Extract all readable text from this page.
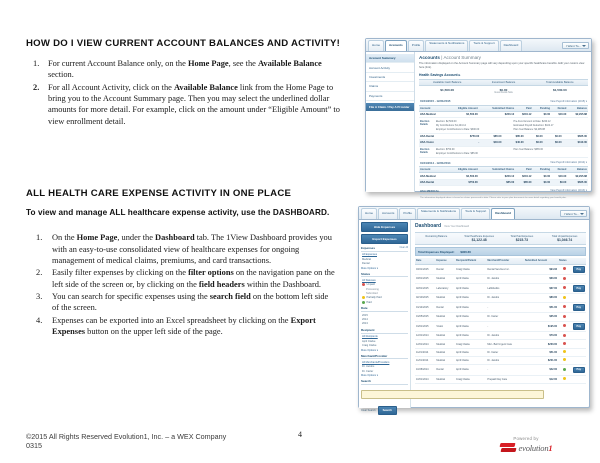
HOW DO I VIEW CURRENT ACCOUNT BALANCES AND ACTIVITY!
For current Account Balance only, on the Home Page, see the Available Balance section.
For all Account Activity, click on the Available Balance link from the Home Page to bring you to the Account Summary page. Then you may select the underlined dollar amounts for more detail. For example, click on the amount under “Eligible Amount” to view enrollment detail.
ALL HEALTH CARE EXPENSE ACTIVITY IN ONE PLACE
To view and manage ALL healthcare expense activity, use the DASHBOARD.
On the Home Page, under the Dashboard tab. The 1View Dashboard provides you with an easy-to-use consolidated view of healthcare expenses for ongoing management of medical claims, premiums, and card transactions.
Easily filter expenses by clicking on the filter options on the navigation pane on the left side of the screen or, by clicking on the field headers within the Dashboard.
You can search for specific expenses using the search field on the bottom left side of the screen.
Expenses can be exported into an Excel spreadsheet by clicking on the Export Expenses button on the upper left side of the page.
©2015 All Rights Reserved Evolution1, Inc. – a WEX Company
0315
4	Powered by
evolution1
Home	Accounts	Profile
Statements & Notifications	Tools & Support
Dashboard	I Want To...
Account Summary
Account Activity
Investments
Claims
Payments
File A Claim / Pay A Provider
Accounts | Account Summary
The information displayed on the Account Summary page will vary depending upon your specific healthcare benefits. Edit your custom view here (link).
Health Savings Account ▸
Available Cash Balance	Investment Balance	Total Available Balance
$1,500.00	$0.00
Invest Funds Now
$1,500.00
01/01/2015 - 12/31/2015	View Payroll Information (2015) ▾
Account	Eligible Amount	Submitted Claims	Paid	Pending	Denied	Balance
HSA Medical	$2,500.00	$220.12	$204.12	$0.00	$16.00	$2,295.88
Election Details
Election: $2,500.00
My Contributions: $1,204.12
Employer Contributions to Date: $300.00
Pre-Fund Amount to Date: $220.12
Estimated Payroll Deduction: $104.17
Plan Year Balance: $2,295.88
HSA Dental	$750.00	$85.00	$85.00	$0.00	$0.00	$665.00
HSA Vision	-	$40.00	$40.00	$0.00	$0.00	$310.00
Election Details
Election: $750.00
Employer Contributions to Date: $85.00
Plan Year Balance: $665.00
01/01/2014 - 12/31/2014	View Payroll Information (2014) ▾
Account	Eligible Amount	Submitted Claims	Paid	Pending	Denied	Balance
HSA Medical	$2,500.00	$220.12	$204.12	$0.00	$16.00	$2,295.88
HSA Dental	$750.00	$85.00	$85.00	$0.00	$0.00	$665.00
HSA MEDICAL	View Payroll Information (2013) ▾
The information displayed above is based on claims processed to date. Please refer to your plan documents for more detail regarding your benefit plan.
Home	Accounts	Profile
Statements & Notifications	Tools & Support
Dashboard	I Want To...
Hide Expenses
Export Expenses
Expenses	Clear All
All Expenses
Medical
Dental
More Options ▾
Status
All Statuses
Unpaid
Processing
Submitted
Partially Paid
Paid
Date
2015
2014
2013
Recipient
All Recipients
April Clarke
Craig Clarke
More Options ▾
Merchant/Provider
All Merchants/Providers
Dr. Jacobs
Dr. Carter
More Options ▾
Search
Clear Search	Search
Dashboard View Your Dashboard
Remaining Balance	Total Healthcare Expenses
$1,122.48
Total Paid Expenses
$215.73
Total Unpaid Expenses
$1,046.74
Total Expenses Displayed: $906.66
Date	Expense	Recipient/Patient	Merchant/Provider	Submitted Amount	Status	
03/21/2015	Dental	Craig Clarke	Dental Services Inc.	$94.36		Pay
03/01/2015	Medical	April Clarke	Dr. Jacobs	$60.00		
02/01/2015	Laboratory	April Clarke	LabMedics	$67.00		Pay
02/10/2015	Medical	April Clarke	Dr. Jacobs	$80.00		
01/14/2015	Dental	April Clarke	-	$51.00		Pay
01/05/2015	Medical	April Clarke	Dr. Carter	$35.00		
01/01/2015	Vision	April Clarke	-	$195.00		Pay
12/21/2014	Medical	April Clarke	Dr. Jacobs	$73.00		
12/01/2014	Medical	Craig Clarke	Mid - Bell Urgent Care	$260.00		
11/21/2014	Medical	April Clarke	Dr. Carter	$51.00		
11/01/2014	Medical	April Clarke	Dr. Jacobs	$201.00		
10/28/2014	Dental	April Clarke	-	$42.00		Pay
10/01/2014	Medical	Craig Clarke	Prepaid Day Care	$12.00		
